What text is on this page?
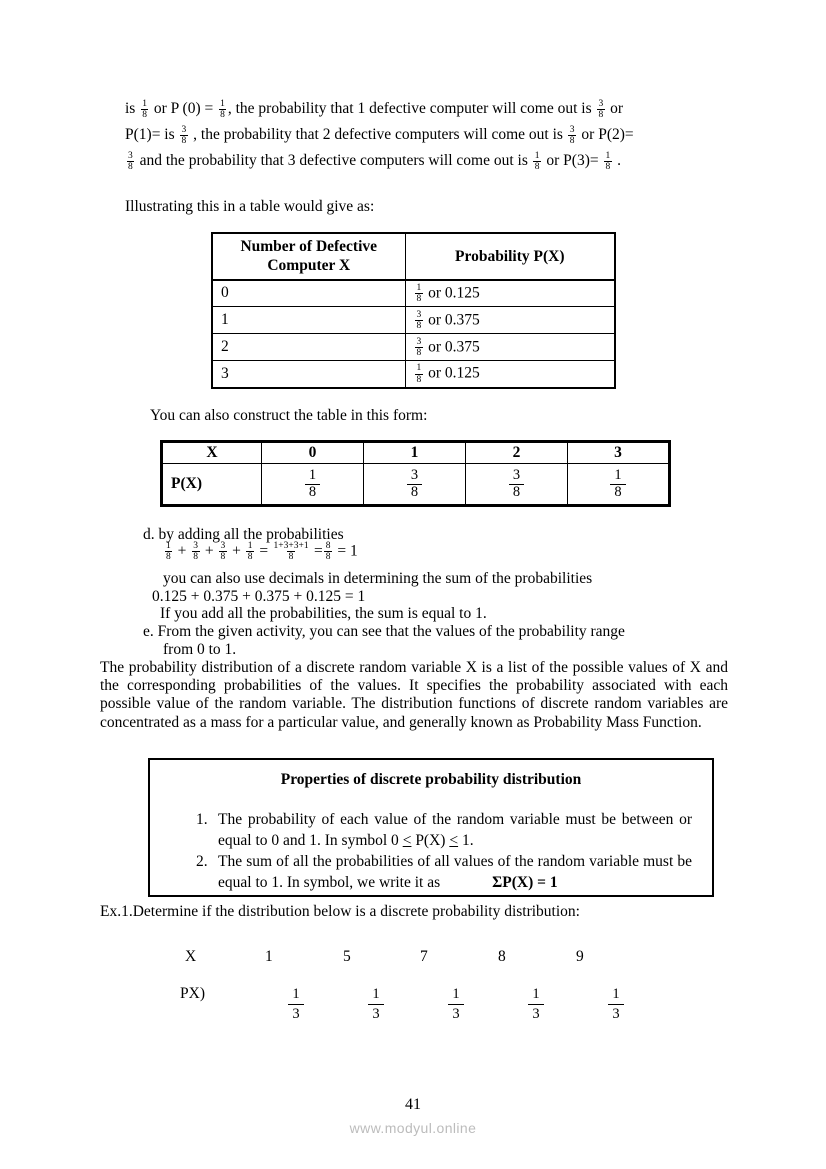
is $\frac{1}{8}$ or P $(0) = \frac{1}{8}$ , the probability that 1 defective computer will come out is $\frac{3}{8}$ or
P(1)= is $\frac{3}{8}$ , the probability that 2 defective computers will come out is $\frac{3}{8}$ or P(2)=
$\frac{3}{8}$ and the probability that 3 defective computers will come out is $\frac{1}{8}$ or $P(3)= \frac{1}{8}$ .
Illustrating this in a table would give as:
Number of Defective Computer X	Probability P(X)
0	$\frac{1}{8}$ or 0.125
1	$\frac{3}{8}$ or 0.375
2	$\frac{3}{8}$ or 0.375
3	$\frac{1}{8}$ or 0.125
You can also construct the table in this form:
X	0	1	2	3
P(X)	$\frac{1}{8}$	$\frac{3}{8}$	$\frac{3}{8}$	$\frac{1}{8}$
d. by adding all the probabilities
$\frac{1}{8} + \frac{3}{8} + \frac{3}{8} + \frac{1}{8} = \frac{1+3+3+1}{8} = \frac{8}{8} = 1$
you can also use decimals in determining the sum of the probabilities
0.125 + 0.375 + 0.375 + 0.125 = 1
If you add all the probabilities, the sum is equal to 1.
e. From the given activity, you can see that the values of the probability range
from 0 to 1.
The probability distribution of a discrete random variable X is a list of the possible values of X and the corresponding probabilities of the values. It specifies the probability associated with each possible value of the random variable. The distribution functions of discrete random variables are concentrated as a mass for a particular value, and generally known as Probability Mass Function.
Properties of discrete probability distribution
1. The probability of each value of the random variable must be between or equal to 0 and 1. In symbol 0 < P(X) < 1.
2. The sum of all the probabilities of all values of the random variable must be equal to 1. In symbol, we write it as	ΣP(X) = 1
Ex.1.Determine if the distribution below is a discrete probability distribution:
X	1	5	7	8	9
PX)	$\frac{1}{3}$	$\frac{1}{3}$	$\frac{1}{3}$	$\frac{1}{3}$	$\frac{1}{3}$
41
www.modyul.online
